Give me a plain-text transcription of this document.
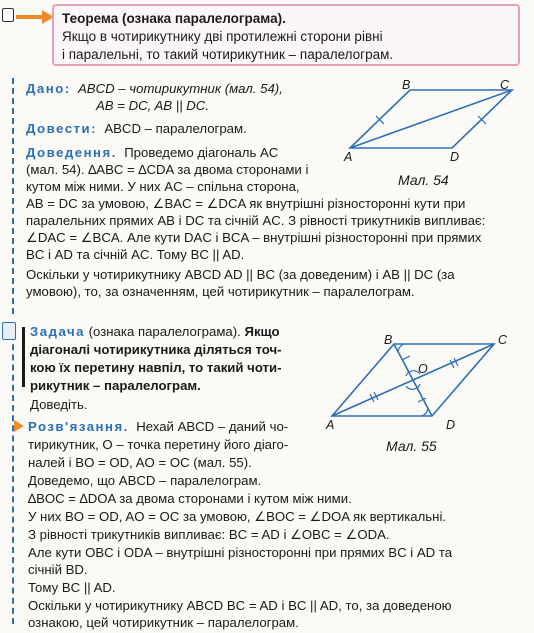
Теорема (ознака паралелограма).
Якщо в чотирикутнику дві протилежні сторони рівні
і паралельні, то такий чотирикутник – паралелограм.
Дано: ABCD – чотирикутник (мал. 54),
AB = DC, AB || DC.
Довести: ABCD – паралелограм.
Доведення. Проведемо діагональ AC
(мал. 54). ∆ABC = ∆CDA за двома сторонами і
кутом між ними. У них AC – спільна сторона,
AB = DC за умовою, ∠BAC = ∠DCA як внутрішні різносторонні кути при
паралельних прямих AB і DC та січній AC. З рівності трикутників випливає:
∠DAC = ∠BCA. Але кути DAC і BCA – внутрішні різносторонні при прямих
BC і AD та січній AC. Тому BC || AD.
Оскільки у чотирикутнику ABCD AD || BC (за доведеним) і AB || DC (за
умовою), то, за означенням, цей чотирикутник – паралелограм.
A
B	C
D
Мал. 54
Задача (ознака паралелограма). Якщо
діагоналі чотирикутника діляться точ-
кою їх перетину навпіл, то такий чоти-
рикутник – паралелограм.
Доведіть.
A
B	C
D
O
Мал. 55
Розв'язання. Нехай ABCD – даний чо-
тирикутник, O – точка перетину його діаго-
налей і BO = OD, AO = OC (мал. 55).
Доведемо, що ABCD – паралелограм.
∆BOC = ∆DOA за двома сторонами і кутом між ними.
У них BO = OD, AO = OC за умовою, ∠BOC = ∠DOA як вертикальні.
З рівності трикутників випливає: BC = AD і ∠OBC = ∠ODA.
Але кути OBC і ODA – внутрішні різносторонні при прямих BC і AD та
січній BD.
Тому BC || AD.
Оскільки у чотирикутнику ABCD BC = AD і BC || AD, то, за доведеною
ознакою, цей чотирикутник – паралелограм.
